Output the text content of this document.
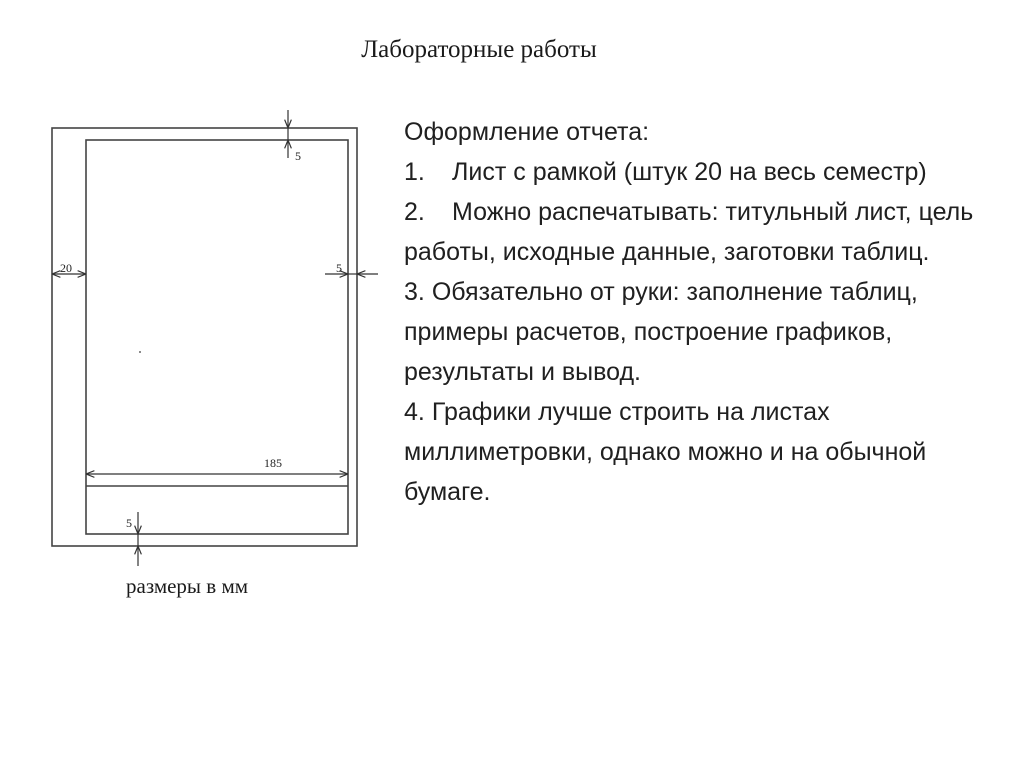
Лабораторные работы
5
20	5
185
5
размеры в мм

Оформление отчета:

1. Лист с рамкой (штук 20 на весь семестр)

2. Можно распечатывать: титульный лист, цель работы, исходные данные, заготовки таблиц.

3. Обязательно от руки: заполнение таблиц, примеры расчетов, построение графиков, результаты и вывод.

4. Графики лучше строить на листах миллиметровки, однако можно и на обычной бумаге.
